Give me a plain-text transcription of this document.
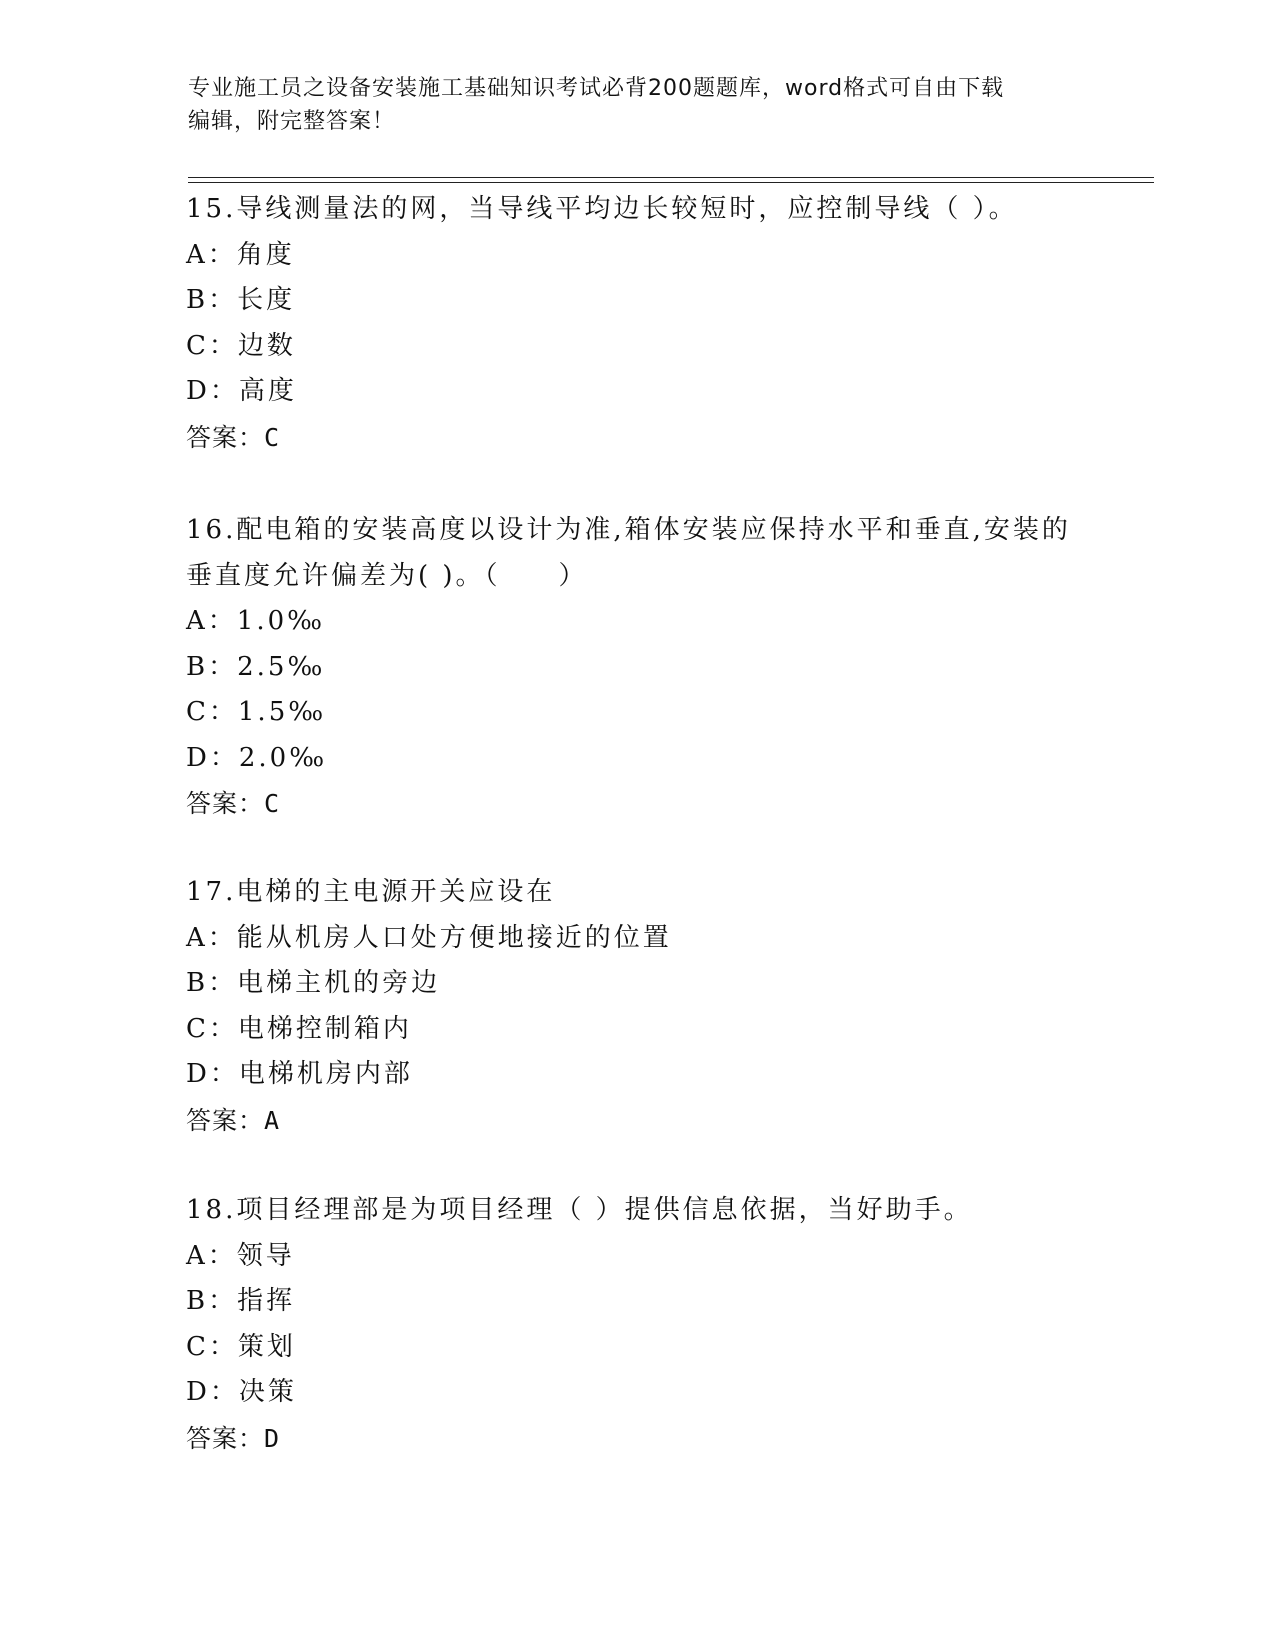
专业施工员之设备安装施工基础知识考试必背200题题库，word格式可自由下载
编辑，附完整答案！
15.导线测量法的网，当导线平均边长较短时，应控制导线（ ）。
A：角度
B：长度
C：边数
D：高度
答案：C
16.配电箱的安装高度以设计为准,箱体安装应保持水平和垂直,安装的
垂直度允许偏差为( )。（　　）
A：1.0‰
B：2.5‰
C：1.5‰
D：2.0‰
答案：C
17.电梯的主电源开关应设在
A：能从机房人口处方便地接近的位置
B：电梯主机的旁边
C：电梯控制箱内
D：电梯机房内部
答案：A
18.项目经理部是为项目经理（ ）提供信息依据，当好助手。
A：领导
B：指挥
C：策划
D：决策
答案：D
